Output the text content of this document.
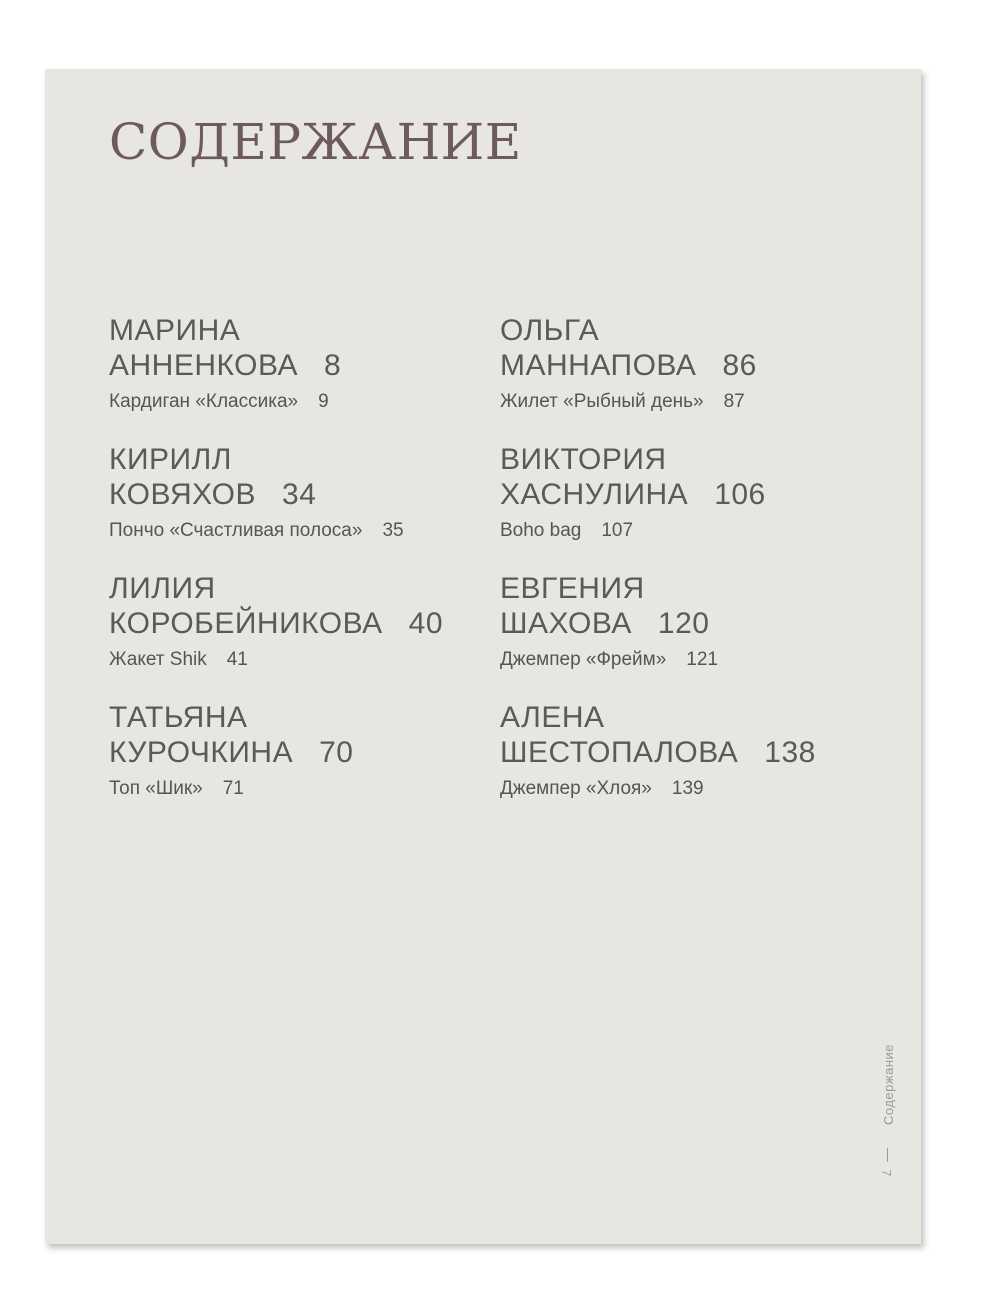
СОДЕРЖАНИЕ
МАРИНА
АННЕНКОВА 8
Кардиган «Классика» 9
КИРИЛЛ
КОВЯХОВ 34
Пончо «Счастливая полоса» 35
ЛИЛИЯ
КОРОБЕЙНИКОВА 40
Жакет Shik 41
ТАТЬЯНА
КУРОЧКИНА 70
Топ «Шик» 71
ОЛЬГА
МАННАПОВА 86
Жилет «Рыбный день» 87
ВИКТОРИЯ
ХАСНУЛИНА 106
Boho bag 107
ЕВГЕНИЯ
ШАХОВА 120
Джемпер «Фрейм» 121
АЛЕНА
ШЕСТОПАЛОВА 138
Джемпер «Хлоя» 139
Содержание
7
